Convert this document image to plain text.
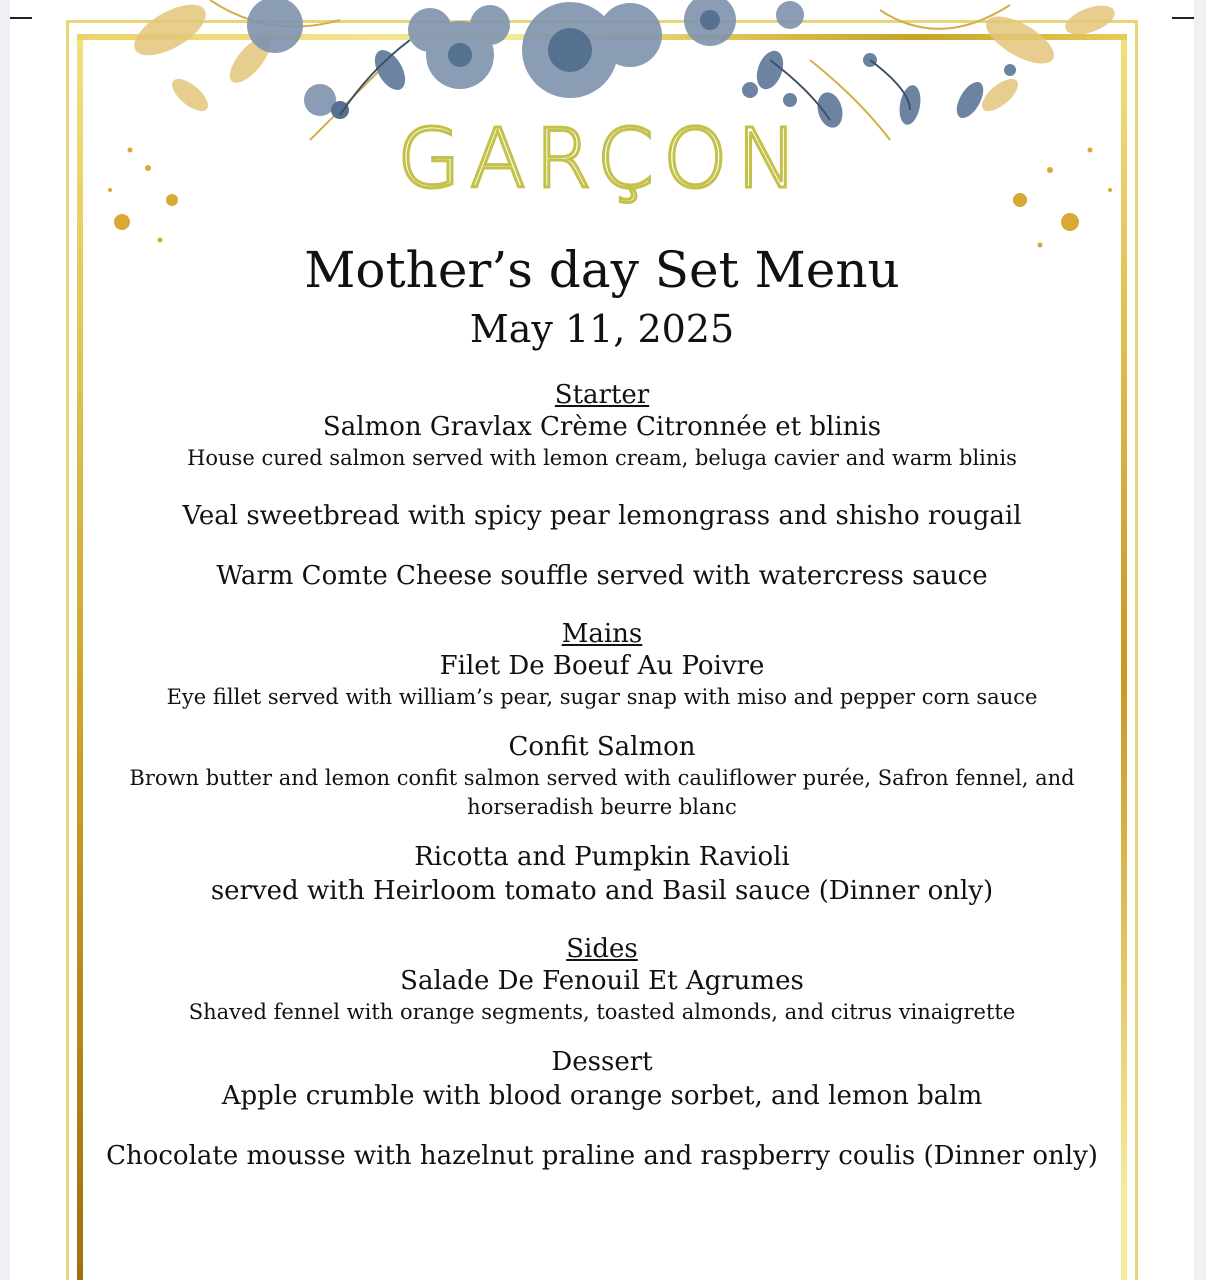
GARÇON
Mother’s day Set Menu
May 11, 2025
Starter
Salmon Gravlax Crème Citronnée et blinis
House cured salmon served with lemon cream, beluga cavier and warm blinis
Veal sweetbread with spicy pear lemongrass and shisho rougail
Warm Comte Cheese souffle served with watercress sauce
Mains
Filet De Boeuf Au Poivre
Eye fillet served with william’s pear, sugar snap with miso and pepper corn sauce
Confit Salmon
Brown butter and lemon confit salmon served with cauliflower purée, Safron fennel, and
horseradish beurre blanc
Ricotta and Pumpkin Ravioli
served with Heirloom tomato and Basil sauce (Dinner only)
Sides
Salade De Fenouil Et Agrumes
Shaved fennel with orange segments, toasted almonds, and citrus vinaigrette
Dessert
Apple crumble with blood orange sorbet, and lemon balm
Chocolate mousse with hazelnut praline and raspberry coulis (Dinner only)
